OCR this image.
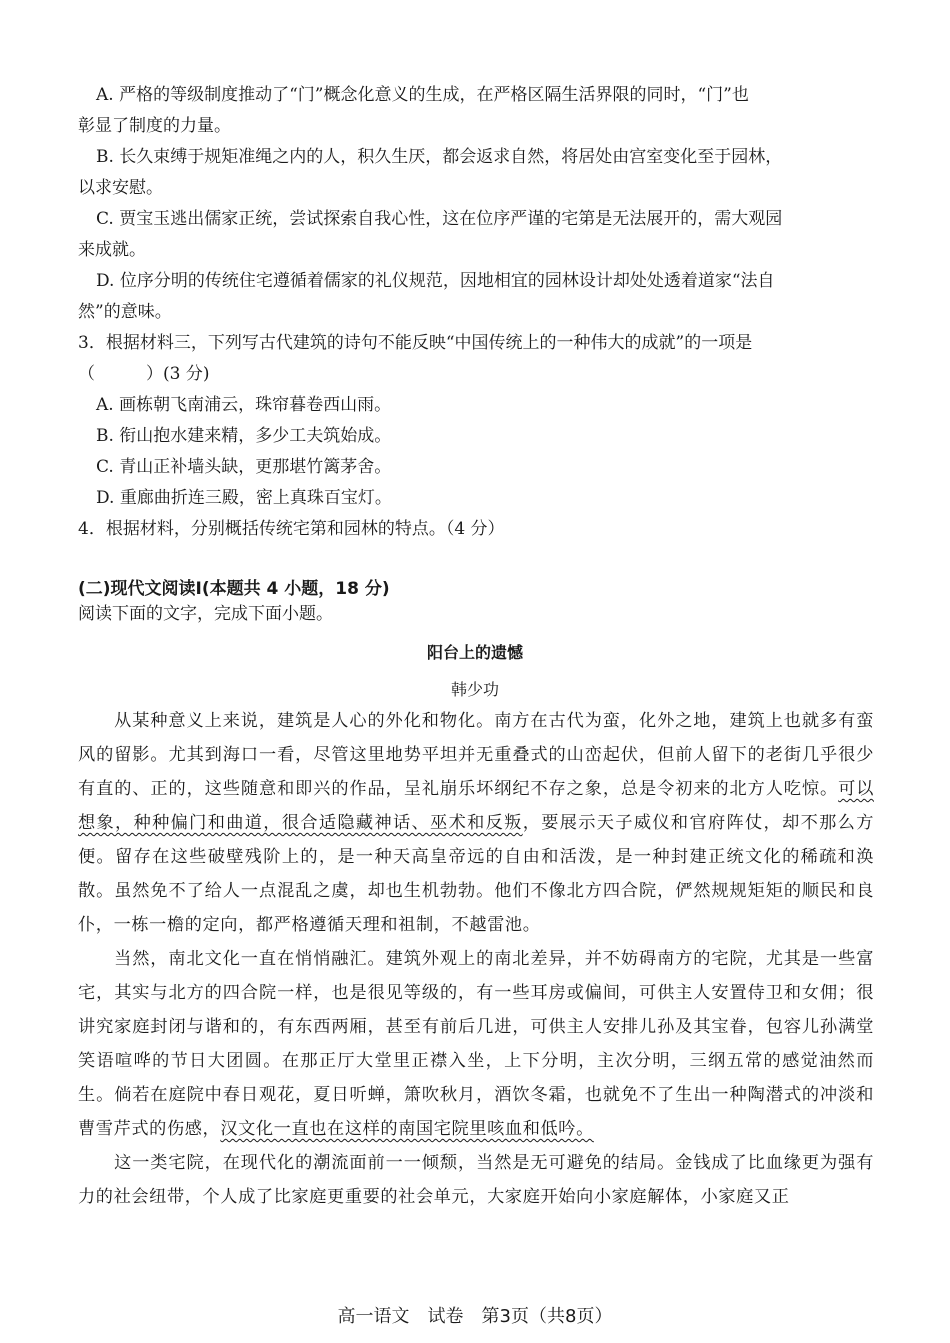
A. 严格的等级制度推动了“门”概念化意义的生成，在严格区隔生活界限的同时，“门”也
彰显了制度的力量。
B. 长久束缚于规矩准绳之内的人，积久生厌，都会返求自然，将居处由宫室变化至于园林，
以求安慰。
C. 贾宝玉逃出儒家正统，尝试探索自我心性，这在位序严谨的宅第是无法展开的，需大观园
来成就。
D. 位序分明的传统住宅遵循着儒家的礼仪规范，因地相宜的园林设计却处处透着道家“法自
然”的意味。
3．根据材料三，下列写古代建筑的诗句不能反映“中国传统上的一种伟大的成就”的一项是
（　　　）(3 分)
A. 画栋朝飞南浦云，珠帘暮卷西山雨。
B. 衔山抱水建来精，多少工夫筑始成。
C. 青山正补墙头缺，更那堪竹篱茅舍。
D. 重廊曲折连三殿，密上真珠百宝灯。
4．根据材料，分别概括传统宅第和园林的特点。（4 分）
(二)现代文阅读Ⅰ(本题共 4 小题，18 分)
阅读下面的文字，完成下面小题。
阳台上的遗憾
韩少功

从某种意义上来说，建筑是人心的外化和物化。南方在古代为蛮，化外之地，建筑上也就多有蛮风的留影。尤其到海口一看，尽管这里地势平坦并无重叠式的山峦起伏，但前人留下的老街几乎很少有直的、正的，这些随意和即兴的作品，呈礼崩乐坏纲纪不存之象，总是令初来的北方人吃惊。可以想象，种种偏门和曲道，很合适隐藏神话、巫术和反叛，要展示天子威仪和官府阵仗，却不那么方便。留存在这些破壁残阶上的，是一种天高皇帝远的自由和活泼，是一种封建正统文化的稀疏和涣散。虽然免不了给人一点混乱之虞，却也生机勃勃。他们不像北方四合院，俨然规规矩矩的顺民和良仆，一栋一檐的定向，都严格遵循天理和祖制，不越雷池。

当然，南北文化一直在悄悄融汇。建筑外观上的南北差异，并不妨碍南方的宅院，尤其是一些富宅，其实与北方的四合院一样，也是很见等级的，有一些耳房或偏间，可供主人安置侍卫和女佣；很讲究家庭封闭与谐和的，有东西两厢，甚至有前后几进，可供主人安排儿孙及其宝眷，包容儿孙满堂笑语喧哗的节日大团圆。在那正厅大堂里正襟入坐，上下分明，主次分明，三纲五常的感觉油然而生。倘若在庭院中春日观花，夏日听蝉，箫吹秋月，酒饮冬霜，也就免不了生出一种陶潜式的冲淡和曹雪芹式的伤感，汉文化一直也在这样的南国宅院里咳血和低吟。

这一类宅院，在现代化的潮流面前一一倾颓，当然是无可避免的结局。金钱成了比血缘更为强有力的社会纽带，个人成了比家庭更重要的社会单元，大家庭开始向小家庭解体，小家庭又正

高一语文　试卷　第3页（共8页）
